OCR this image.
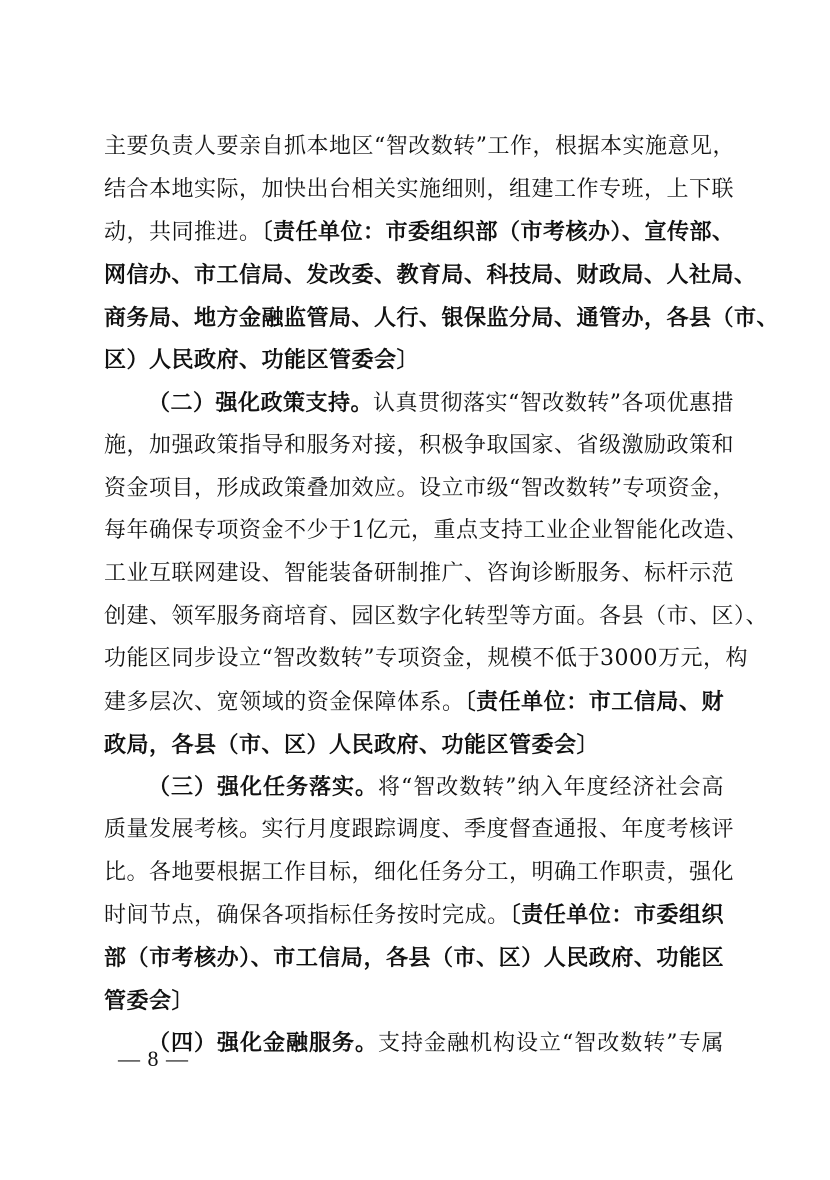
主要负责人要亲自抓本地区“智改数转”工作，根据本实施意见，
结合本地实际，加快出台相关实施细则，组建工作专班，上下联
动，共同推进。〔责任单位：市委组织部（市考核办）、宣传部、
网信办、市工信局、发改委、教育局、科技局、财政局、人社局、
商务局、地方金融监管局、人行、银保监分局、通管办，各县（市、
区）人民政府、功能区管委会〕
（二）强化政策支持。认真贯彻落实“智改数转”各项优惠措
施，加强政策指导和服务对接，积极争取国家、省级激励政策和
资金项目，形成政策叠加效应。设立市级“智改数转”专项资金，
每年确保专项资金不少于1亿元，重点支持工业企业智能化改造、
工业互联网建设、智能装备研制推广、咨询诊断服务、标杆示范
创建、领军服务商培育、园区数字化转型等方面。各县（市、区）、
功能区同步设立“智改数转”专项资金，规模不低于3000万元，构
建多层次、宽领域的资金保障体系。〔责任单位：市工信局、财
政局，各县（市、区）人民政府、功能区管委会〕
（三）强化任务落实。将“智改数转”纳入年度经济社会高
质量发展考核。实行月度跟踪调度、季度督查通报、年度考核评
比。各地要根据工作目标，细化任务分工，明确工作职责，强化
时间节点，确保各项指标任务按时完成。〔责任单位：市委组织
部（市考核办）、市工信局，各县（市、区）人民政府、功能区
管委会〕
（四）强化金融服务。支持金融机构设立“智改数转”专属
— 8 —
